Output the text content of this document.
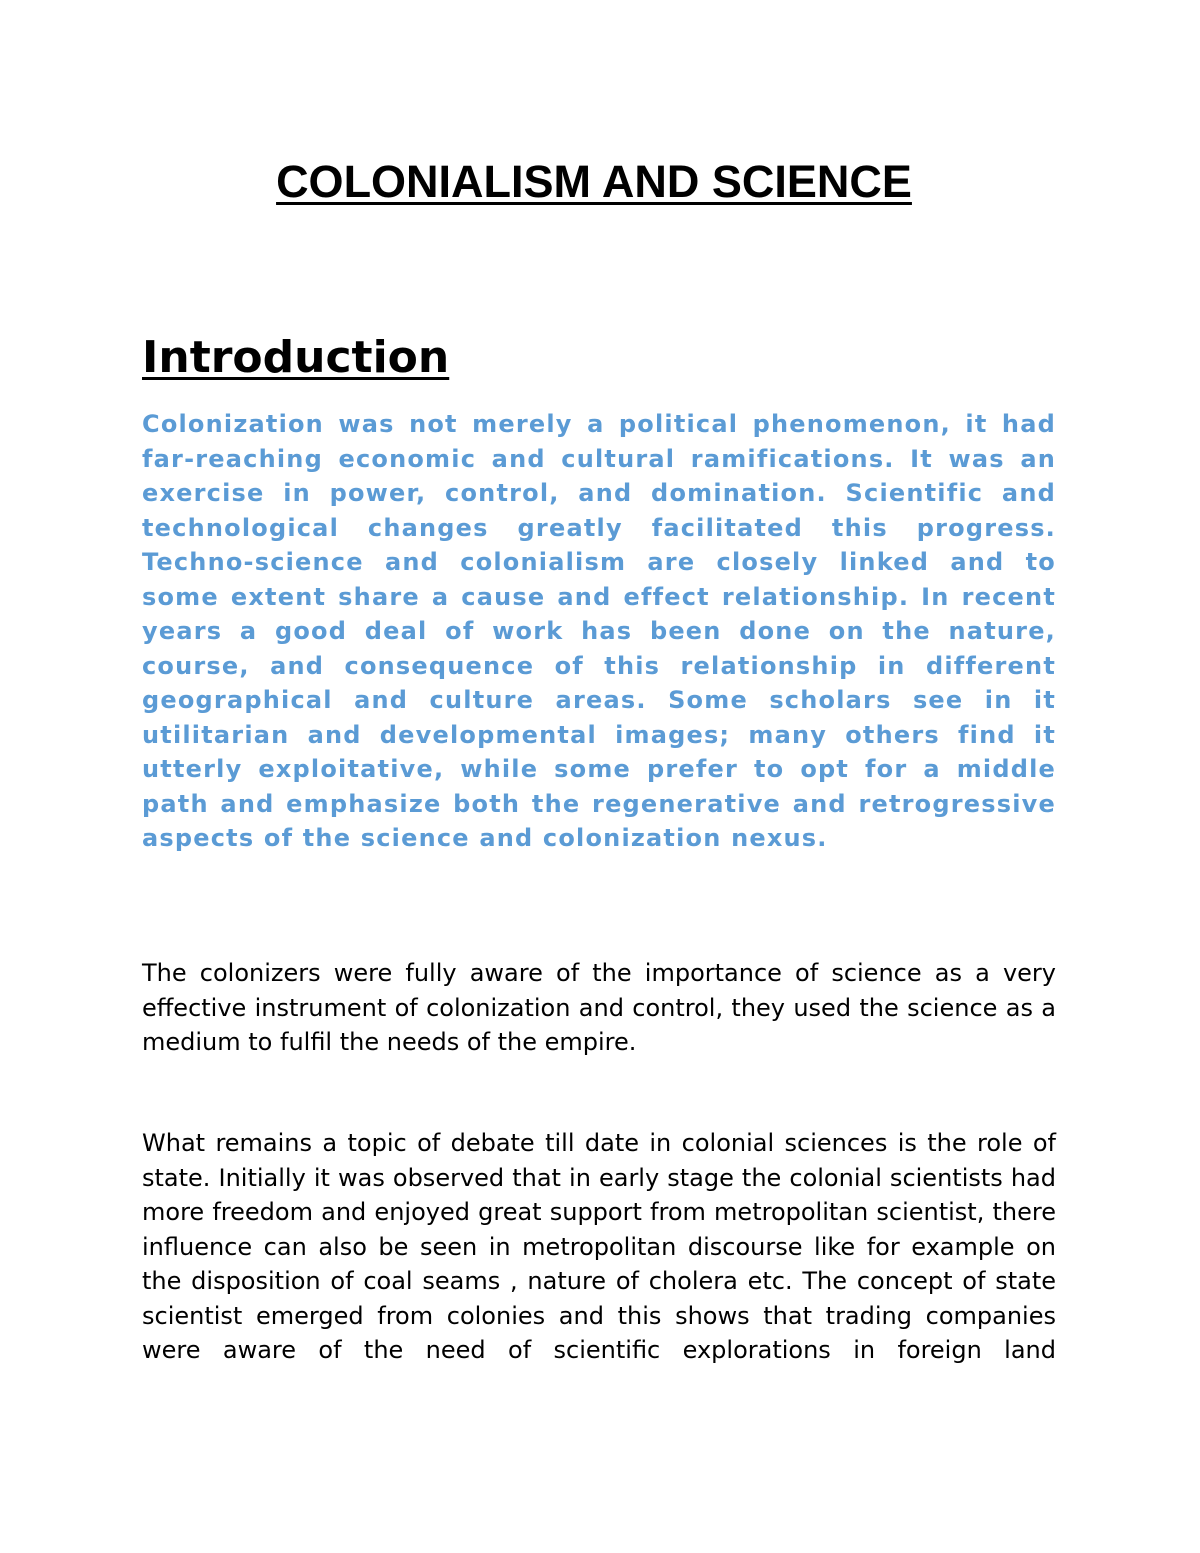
COLONIALISM AND SCIENCE
Introduction

Colonization was not merely a political phenomenon, it had far-reaching economic and cultural ramifications. It was an exercise in power, control, and domination. Scientific and technological changes greatly facilitated this progress. Techno-science and colonialism are closely linked and to some extent share a cause and effect relationship. In recent years a good deal of work has been done on the nature, course, and consequence of this relationship in different geographical and culture areas. Some scholars see in it utilitarian and developmental images; many others find it utterly exploitative, while some prefer to opt for a middle path and emphasize both the regenerative and retrogressive aspects of the science and colonization nexus.

The colonizers were fully aware of the importance of science as a very effective instrument of colonization and control, they used the science as a medium to fulfil the needs of the empire.

What remains a topic of debate till date in colonial sciences is the role of state. Initially it was observed that in early stage the colonial scientists had more freedom and enjoyed great support from metropolitan scientist, there influence can also be seen in metropolitan discourse like for example on the disposition of coal seams , nature of cholera etc. The concept of state scientist emerged from colonies and this shows that trading companies were aware of the need of scientific explorations in foreign land
